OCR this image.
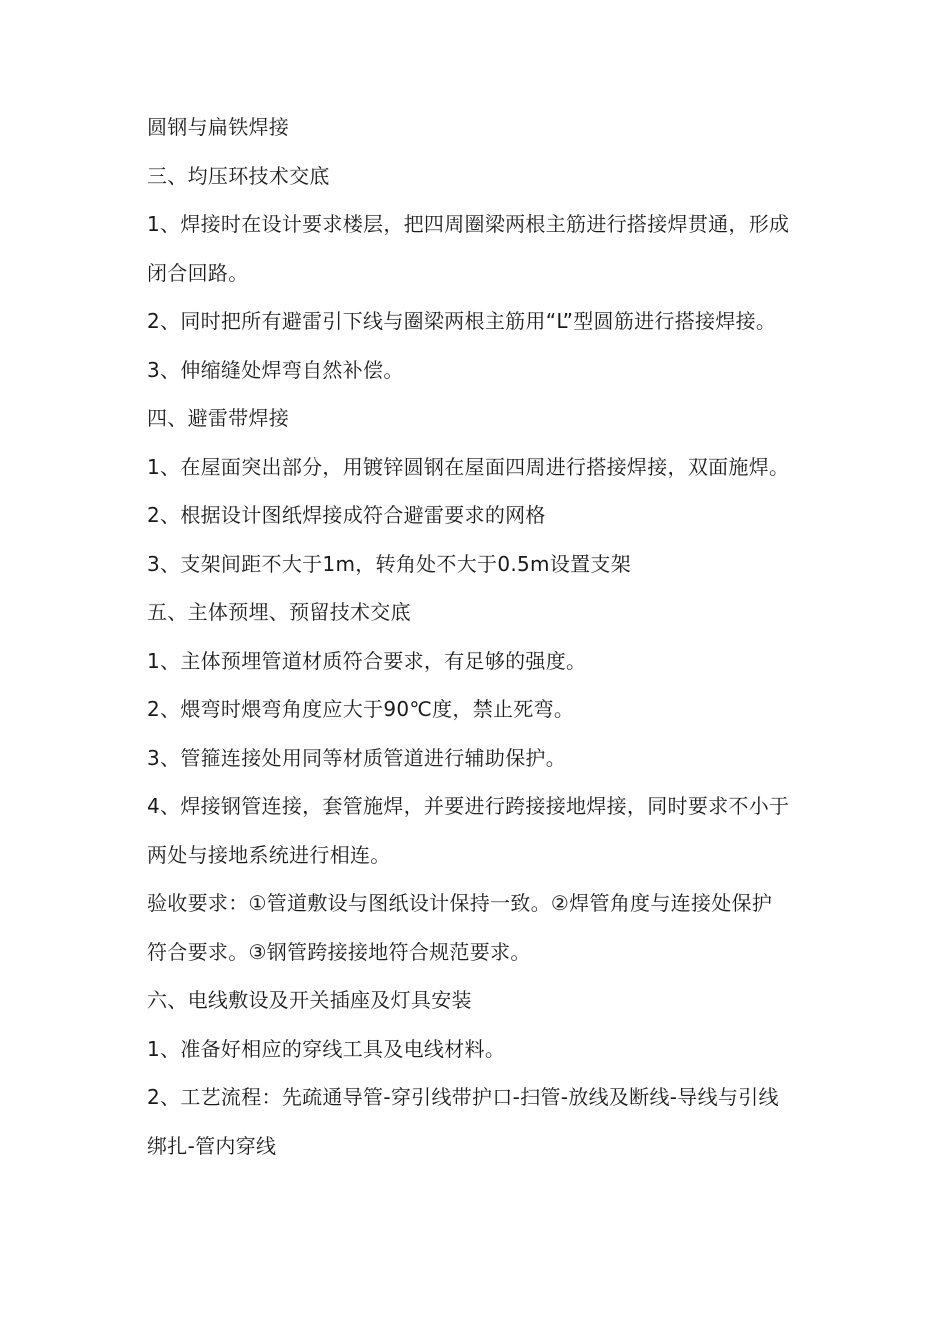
圆钢与扁铁焊接
三、均压环技术交底
1、焊接时在设计要求楼层，把四周圈梁两根主筋进行搭接焊贯通，形成
闭合回路。
2、同时把所有避雷引下线与圈梁两根主筋用“L”型圆筋进行搭接焊接。
3、伸缩缝处焊弯自然补偿。
四、避雷带焊接
1、在屋面突出部分，用镀锌圆钢在屋面四周进行搭接焊接，双面施焊。
2、根据设计图纸焊接成符合避雷要求的网格
3、支架间距不大于1m，转角处不大于0.5m设置支架
五、主体预埋、预留技术交底
1、主体预埋管道材质符合要求，有足够的强度。
2、煨弯时煨弯角度应大于90℃度，禁止死弯。
3、管箍连接处用同等材质管道进行辅助保护。
4、焊接钢管连接，套管施焊，并要进行跨接接地焊接，同时要求不小于
两处与接地系统进行相连。
验收要求：①管道敷设与图纸设计保持一致。②焊管角度与连接处保护
符合要求。③钢管跨接接地符合规范要求。
六、电线敷设及开关插座及灯具安装
1、准备好相应的穿线工具及电线材料。
2、工艺流程：先疏通导管-穿引线带护口-扫管-放线及断线-导线与引线
绑扎-管内穿线
